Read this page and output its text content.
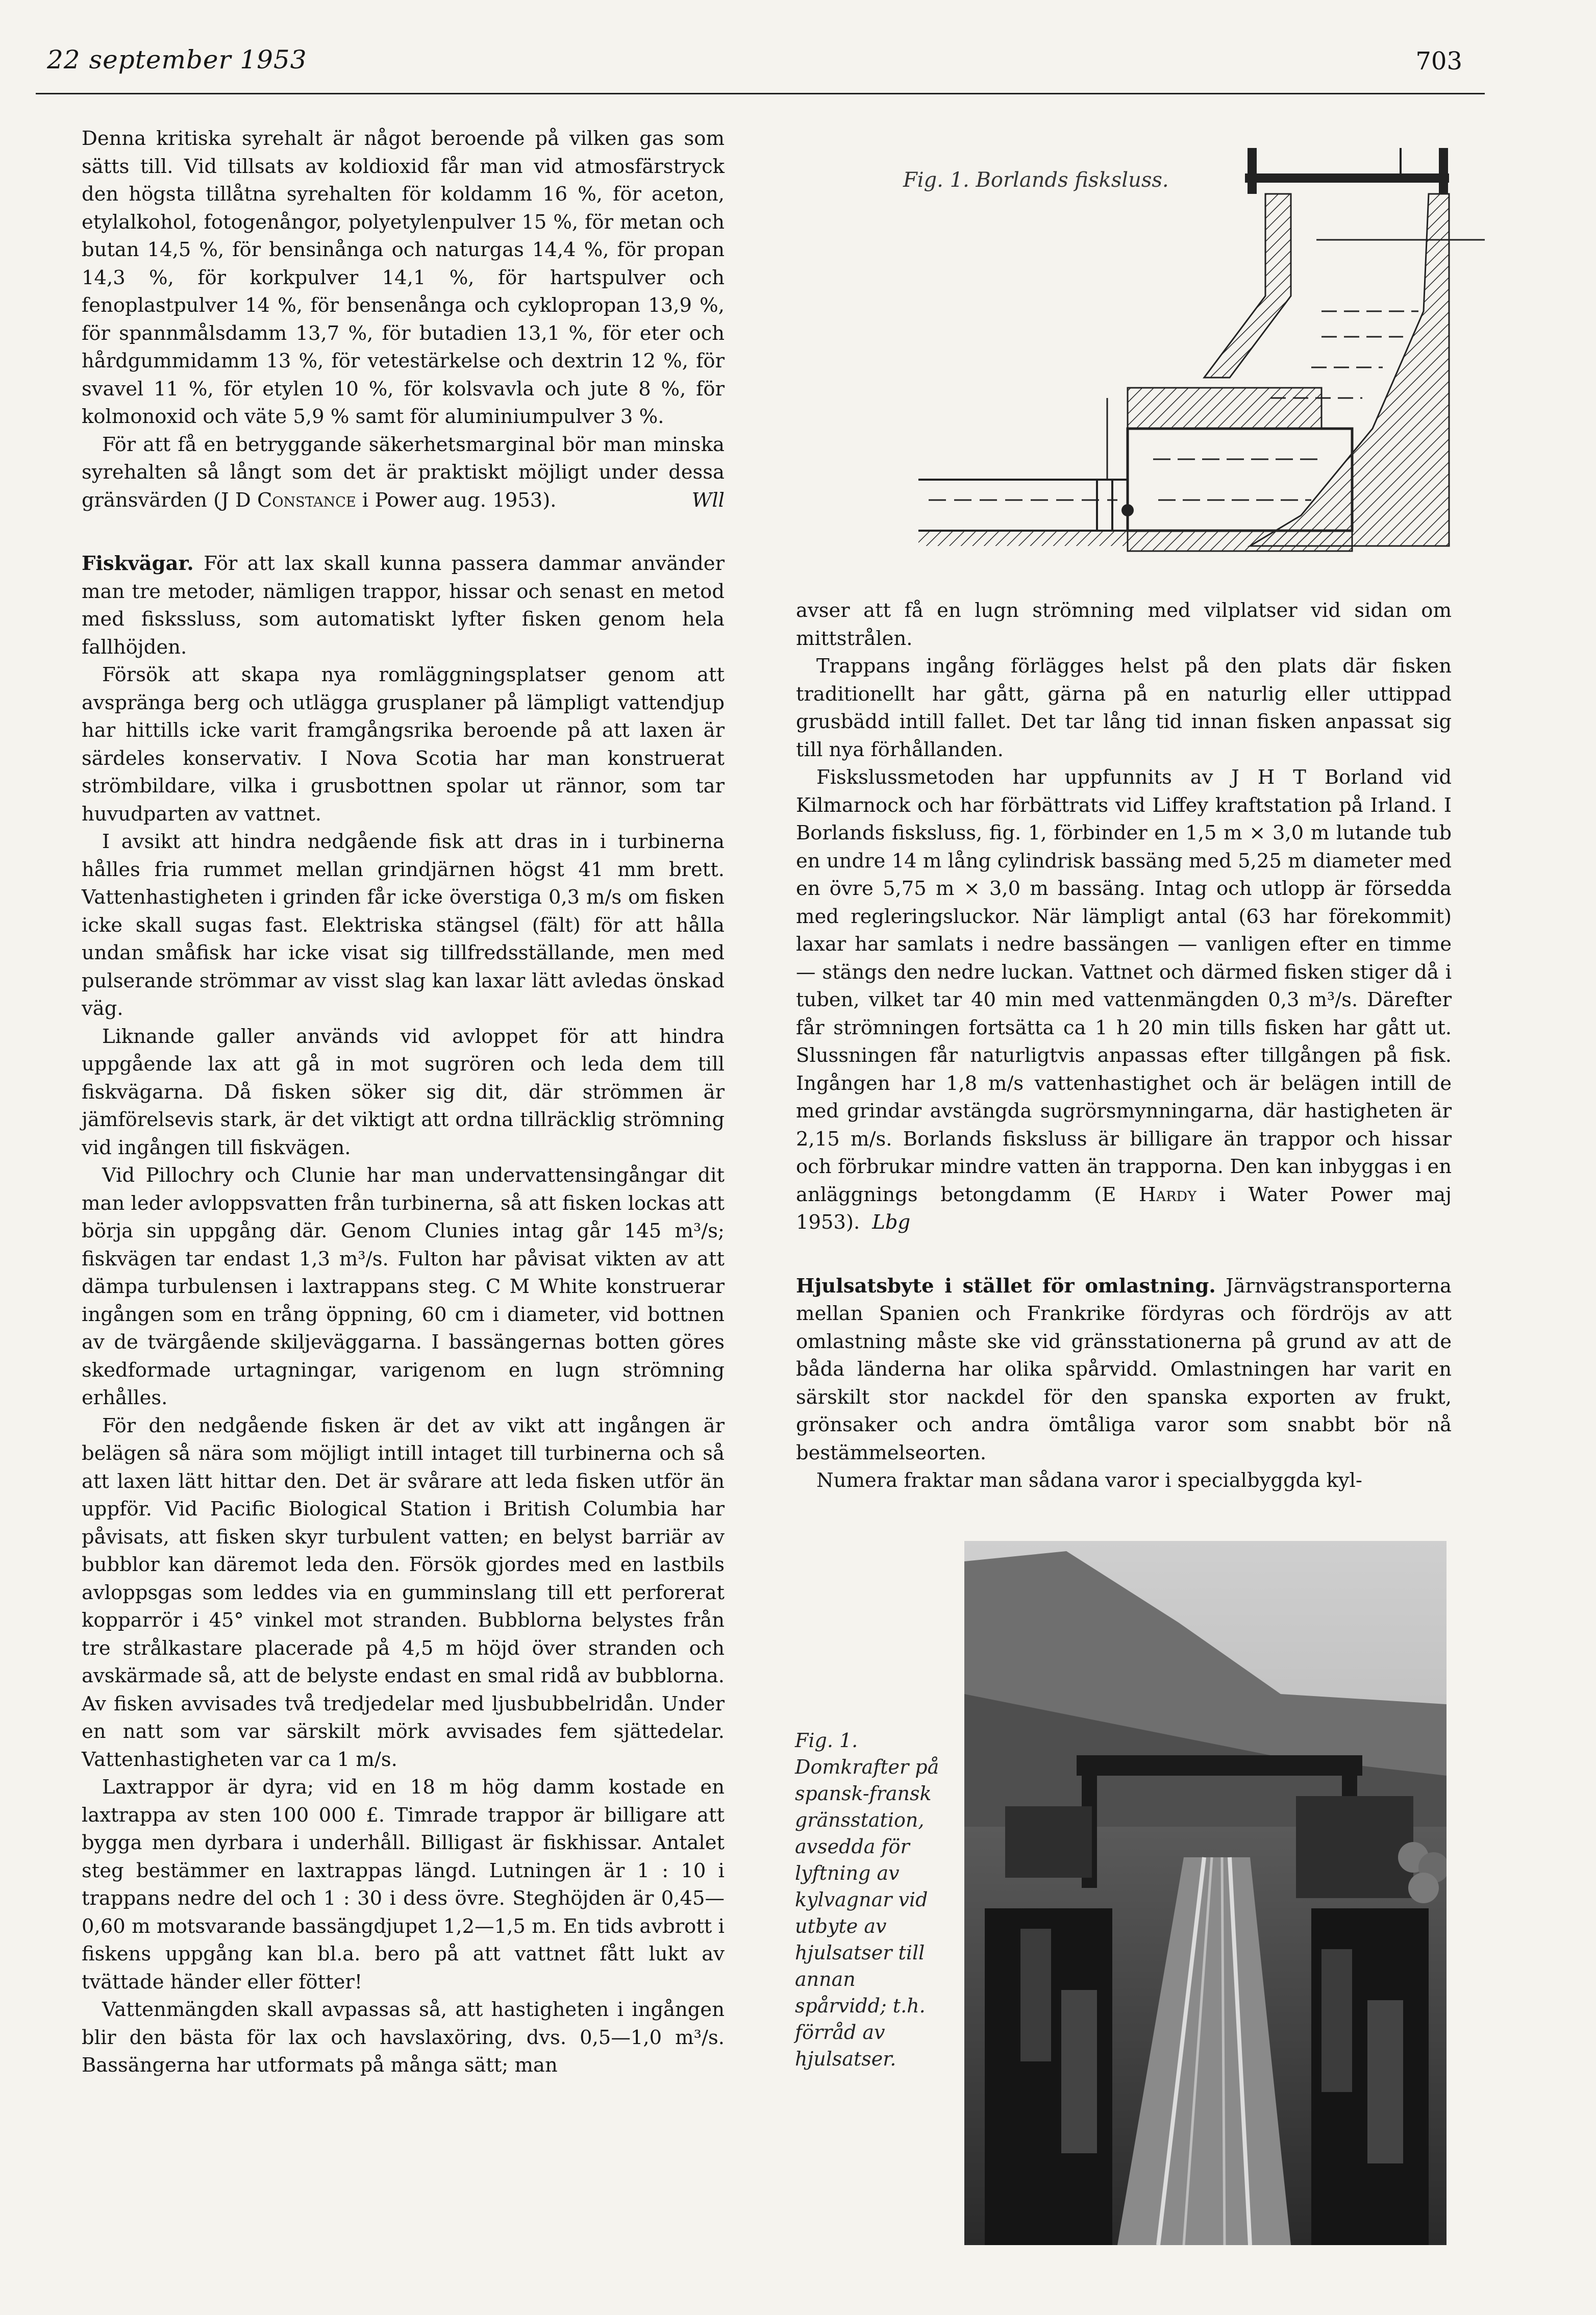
22 september 1953	703

Denna kritiska syrehalt är något beroende på vilken gas som sätts till. Vid tillsats av koldioxid får man vid atmosfärstryck den högsta tillåtna syrehalten för koldamm 16 %, för aceton, etylalkohol, fotogenångor, polyetylenpulver 15 %, för metan och butan 14,5 %, för bensinånga och naturgas 14,4 %, för propan 14,3 %, för korkpulver 14,1 %, för hartspulver och fenoplastpulver 14 %, för bensenånga och cyklopropan 13,9 %, för spannmålsdamm 13,7 %, för butadien 13,1 %, för eter och hårdgummidamm 13 %, för vetestärkelse och dextrin 12 %, för svavel 11 %, för etylen 10 %, för kolsvavla och jute 8 %, för kolmonoxid och väte 5,9 % samt för aluminiumpulver 3 %.

För att få en betryggande säkerhetsmarginal bör man minska syrehalten så långt som det är praktiskt möjligt under dessa gränsvärden (J D Constance i Power aug. 1953).	Wll

Fiskvägar. För att lax skall kunna passera dammar använder man tre metoder, nämligen trappor, hissar och senast en metod med fiskssluss, som automatiskt lyfter fisken genom hela fallhöjden.

Försök att skapa nya romläggningsplatser genom att avspränga berg och utlägga grusplaner på lämpligt vattendjup har hittills icke varit framgångsrika beroende på att laxen är särdeles konservativ. I Nova Scotia har man konstruerat strömbildare, vilka i grusbottnen spolar ut rännor, som tar huvudparten av vattnet.

I avsikt att hindra nedgående fisk att dras in i turbinerna hålles fria rummet mellan grindjärnen högst 41 mm brett. Vattenhastigheten i grinden får icke överstiga 0,3 m/s om fisken icke skall sugas fast. Elektriska stängsel (fält) för att hålla undan småfisk har icke visat sig tillfredsställande, men med pulserande strömmar av visst slag kan laxar lätt avledas önskad väg.

Liknande galler används vid avloppet för att hindra uppgående lax att gå in mot sugrören och leda dem till fiskvägarna. Då fisken söker sig dit, där strömmen är jämförelsevis stark, är det viktigt att ordna tillräcklig strömning vid ingången till fiskvägen.

Vid Pillochry och Clunie har man undervattensingångar dit man leder avloppsvatten från turbinerna, så att fisken lockas att börja sin uppgång där. Genom Clunies intag går 145 m³/s; fiskvägen tar endast 1,3 m³/s. Fulton har påvisat vikten av att dämpa turbulensen i laxtrappans steg. C M White konstruerar ingången som en trång öppning, 60 cm i diameter, vid bottnen av de tvärgående skiljeväggarna. I bassängernas botten göres skedformade urtagningar, varigenom en lugn strömning erhålles.

För den nedgående fisken är det av vikt att ingången är belägen så nära som möjligt intill intaget till turbinerna och så att laxen lätt hittar den. Det är svårare att leda fisken utför än uppför. Vid Pacific Biological Station i British Columbia har påvisats, att fisken skyr turbulent vatten; en belyst barriär av bubblor kan däremot leda den. Försök gjordes med en lastbils avloppsgas som leddes via en gumminslang till ett perforerat kopparrör i 45° vinkel mot stranden. Bubblorna belystes från tre strålkastare placerade på 4,5 m höjd över stranden och avskärmade så, att de belyste endast en smal ridå av bubblorna. Av fisken avvisades två tredjedelar med ljusbubbelridån. Under en natt som var särskilt mörk avvisades fem sjättedelar. Vattenhastigheten var ca 1 m/s.

Laxtrappor är dyra; vid en 18 m hög damm kostade en laxtrappa av sten 100 000 £. Timrade trappor är billigare att bygga men dyrbara i underhåll. Billigast är fiskhissar. Antalet steg bestämmer en laxtrappas längd. Lutningen är 1 : 10 i trappans nedre del och 1 : 30 i dess övre. Steghöjden är 0,45—0,60 m motsvarande bassängdjupet 1,2—1,5 m. En tids avbrott i fiskens uppgång kan bl.a. bero på att vattnet fått lukt av tvättade händer eller fötter!

Vattenmängden skall avpassas så, att hastigheten i ingången blir den bästa för lax och havslaxöring, dvs. 0,5—1,0 m³/s. Bassängerna har utformats på många sätt; man

Fig. 1. Borlands fisksluss.

avser att få en lugn strömning med vilplatser vid sidan om mittstrålen.

Trappans ingång förlägges helst på den plats där fisken traditionellt har gått, gärna på en naturlig eller uttippad grusbädd intill fallet. Det tar lång tid innan fisken anpassat sig till nya förhållanden.

Fiskslussmetoden har uppfunnits av J H T Borland vid Kilmarnock och har förbättrats vid Liffey kraftstation på Irland. I Borlands fisksluss, fig. 1, förbinder en 1,5 m × 3,0 m lutande tub en undre 14 m lång cylindrisk bassäng med 5,25 m diameter med en övre 5,75 m × 3,0 m bassäng. Intag och utlopp är försedda med regleringsluckor. När lämpligt antal (63 har förekommit) laxar har samlats i nedre bassängen — vanligen efter en timme — stängs den nedre luckan. Vattnet och därmed fisken stiger då i tuben, vilket tar 40 min med vattenmängden 0,3 m³/s. Därefter får strömningen fortsätta ca 1 h 20 min tills fisken har gått ut. Slussningen får naturligtvis anpassas efter tillgången på fisk. Ingången har 1,8 m/s vattenhastighet och är belägen intill de med grindar avstängda sugrörsmynningarna, där hastigheten är 2,15 m/s. Borlands fisksluss är billigare än trappor och hissar och förbrukar mindre vatten än trapporna. Den kan inbyggas i en anläggnings betongdamm (E Hardy i Water Power maj 1953). Lbg

Hjulsatsbyte i stället för omlastning. Järnvägstransporterna mellan Spanien och Frankrike fördyras och fördröjs av att omlastning måste ske vid gränsstationerna på grund av att de båda länderna har olika spårvidd. Omlastningen har varit en särskilt stor nackdel för den spanska exporten av frukt, grönsaker och andra ömtåliga varor som snabbt bör nå bestämmelseorten.

Numera fraktar man sådana varor i specialbyggda kyl-

Fig. 1. Domkrafter på spansk-fransk gränsstation, avsedda för lyftning av kylvagnar vid utbyte av hjulsatser till annan spårvidd; t.h. förråd av hjulsatser.
